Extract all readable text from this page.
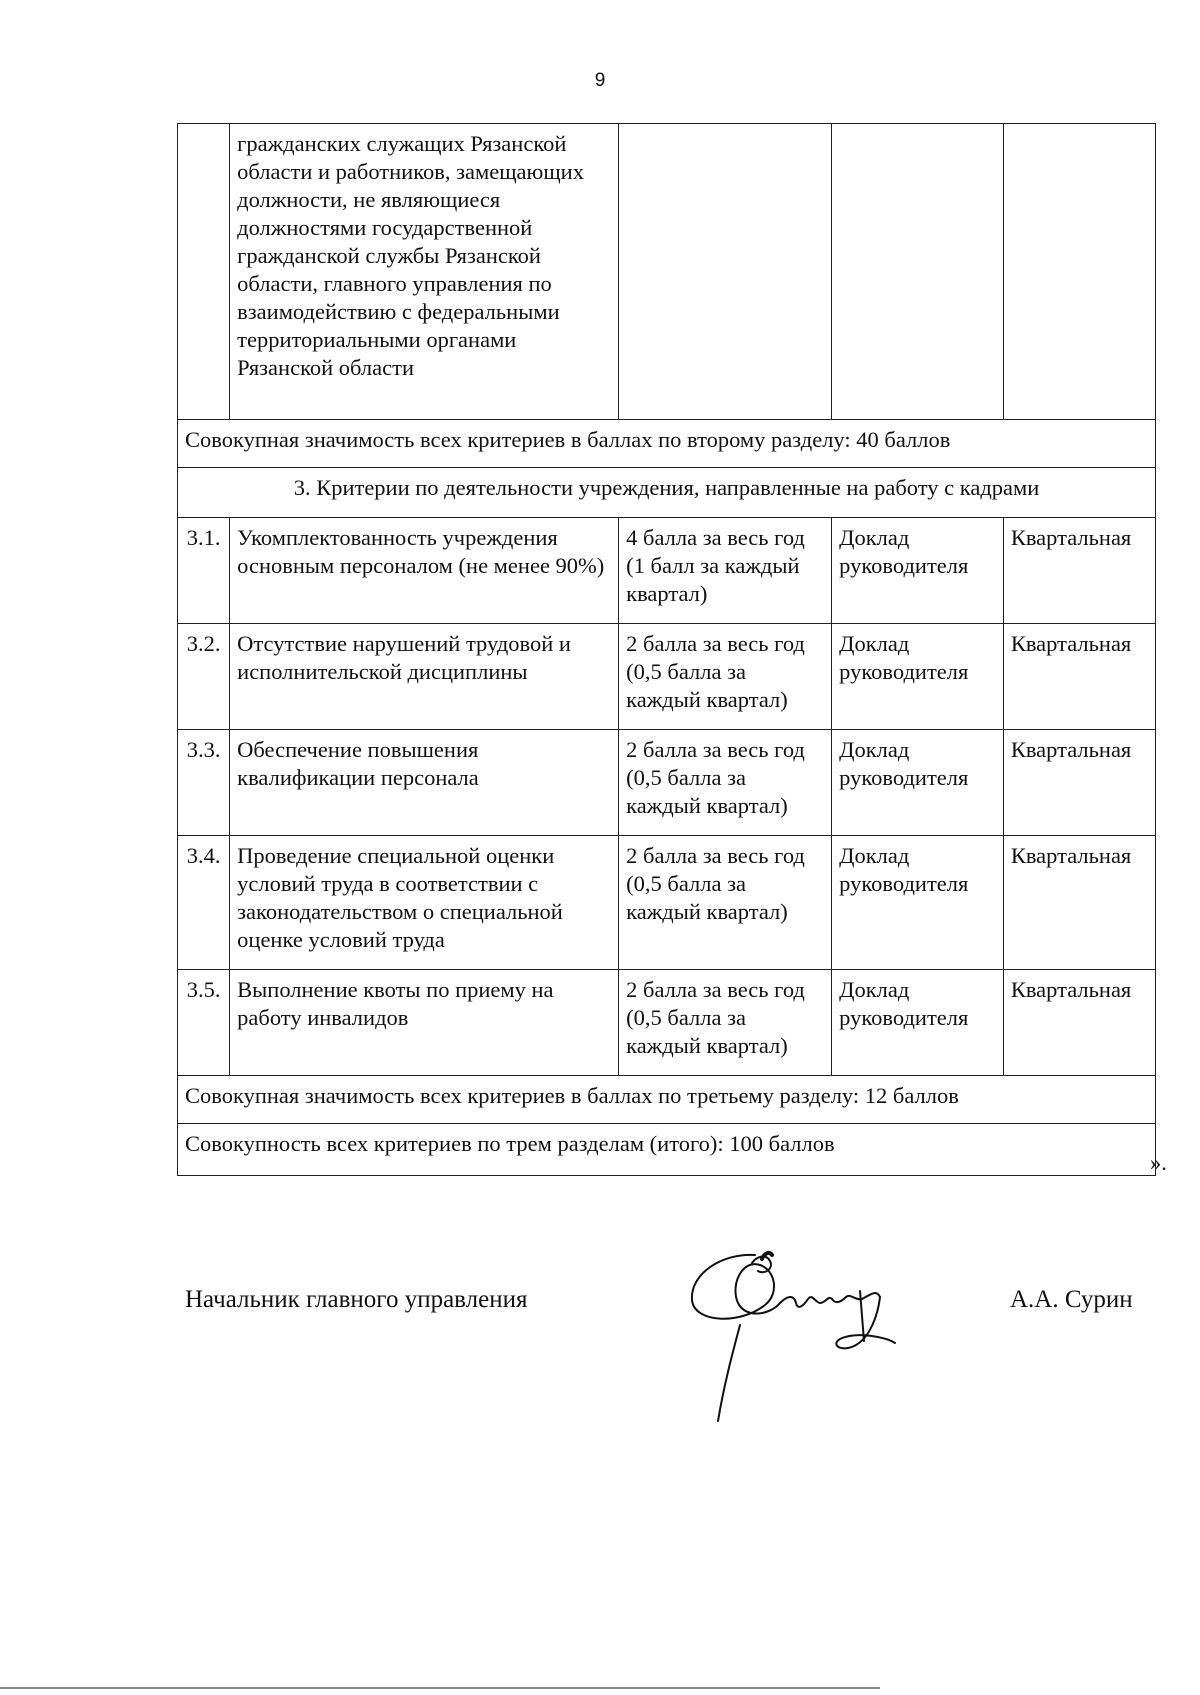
9
	гражданских служащих Рязанской области и работников, замещающих должности, не являющиеся должностями государственной гражданской службы Рязанской области, главного управления по взаимодействию с федеральными территориальными органами Рязанской области			
Совокупная значимость всех критериев в баллах по второму разделу: 40 баллов				
3. Критерии по деятельности учреждения, направленные на работу с кадрами				
3.1.	Укомплектованность учреждения основным персоналом (не менее 90%)	4 балла за весь год (1 балл за каждый квартал)	Доклад руководителя	Квартальная
3.2.	Отсутствие нарушений трудовой и исполнительской дисциплины	2 балла за весь год (0,5 балла за каждый квартал)	Доклад руководителя	Квартальная
3.3.	Обеспечение повышения квалификации персонала	2 балла за весь год (0,5 балла за каждый квартал)	Доклад руководителя	Квартальная
3.4.	Проведение специальной оценки условий труда в соответствии с законодательством о специальной оценке условий труда	2 балла за весь год (0,5 балла за каждый квартал)	Доклад руководителя	Квартальная
3.5.	Выполнение квоты по приему на работу инвалидов	2 балла за весь год (0,5 балла за каждый квартал)	Доклад руководителя	Квартальная
Совокупная значимость всех критериев в баллах по третьему разделу: 12 баллов				
Совокупность всех критериев по трем разделам (итого): 100 баллов				
».
Начальник главного управления	А.А. Сурин
